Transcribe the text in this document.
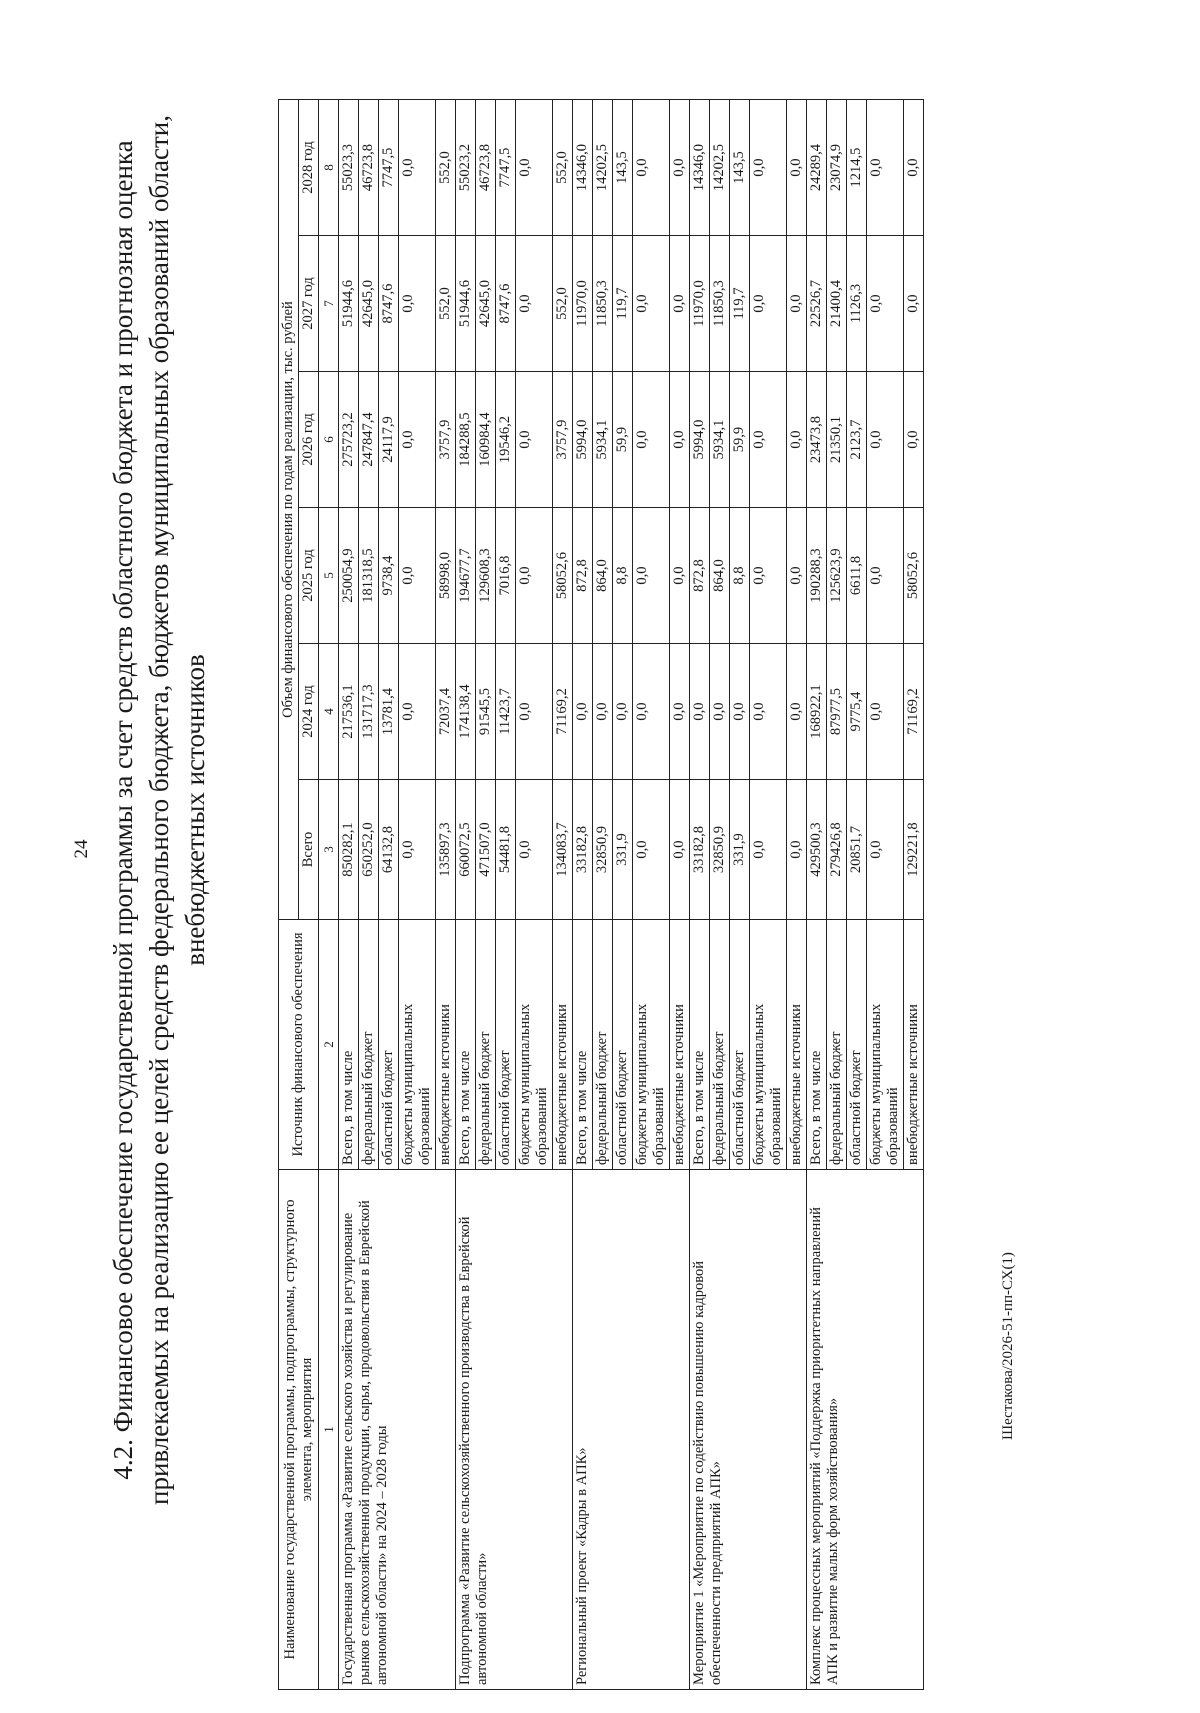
24 4.2. Финансовое обеспечение государственной программы за счет средств областного бюджета и прогнозная оценка привлекаемых на реализацию ее целей средств федерального бюджета, бюджетов муниципальных образований области, внебюджетных источников
Наименование государственной программы, подпрограммы, структурного элемента, мероприятия	Источник финансового обеспечения	Объем финансового обеспечения по годам реализации, тыс. рублей					
		Всего	2024 год	2025 год	2026 год	2027 год	2028 год
1	2	3	4	5	6	7	8
Государственная программа «Развитие сельского хозяйства и регулирование рынков сельскохозяйственной продукции, сырья, продовольствия в Еврейской автономной области» на 2024 – 2028 годы	Всего, в том числе	850282,1	217536,1	250054,9	275723,2	51944,6	55023,3
	федеральный бюджет	650252,0	131717,3	181318,5	247847,4	42645,0	46723,8
	областной бюджет	64132,8	13781,4	9738,4	24117,9	8747,6	7747,5
	бюджеты муниципальных образований	0,0	0,0	0,0	0,0	0,0	0,0
	внебюджетные источники	135897,3	72037,4	58998,0	3757,9	552,0	552,0
Подпрограмма «Развитие сельскохозяйственного производства в Еврейской автономной области»	Всего, в том числе	660072,5	174138,4	194677,7	184288,5	51944,6	55023,2
	федеральный бюджет	471507,0	91545,5	129608,3	160984,4	42645,0	46723,8
	областной бюджет	54481,8	11423,7	7016,8	19546,2	8747,6	7747,5
	бюджеты муниципальных образований	0,0	0,0	0,0	0,0	0,0	0,0
	внебюджетные источники	134083,7	71169,2	58052,6	3757,9	552,0	552,0
Региональный проект «Кадры в АПК»	Всего, в том числе	33182,8	0,0	872,8	5994,0	11970,0	14346,0
	федеральный бюджет	32850,9	0,0	864,0	5934,1	11850,3	14202,5
	областной бюджет	331,9	0,0	8,8	59,9	119,7	143,5
	бюджеты муниципальных образований	0,0	0,0	0,0	0,0	0,0	0,0
	внебюджетные источники	0,0	0,0	0,0	0,0	0,0	0,0
Мероприятие 1 «Мероприятие по содействию повышению кадровой обеспеченности предприятий АПК»	Всего, в том числе	33182,8	0,0	872,8	5994,0	11970,0	14346,0
	федеральный бюджет	32850,9	0,0	864,0	5934,1	11850,3	14202,5
	областной бюджет	331,9	0,0	8,8	59,9	119,7	143,5
	бюджеты муниципальных образований	0,0	0,0	0,0	0,0	0,0	0,0
	внебюджетные источники	0,0	0,0	0,0	0,0	0,0	0,0
Комплекс процессных мероприятий «Поддержка приоритетных направлений АПК и развитие малых форм хозяйствования»	Всего, в том числе	429500,3	168922,1	190288,3	23473,8	22526,7	24289,4
	федеральный бюджет	279426,8	87977,5	125623,9	21350,1	21400,4	23074,9
	областной бюджет	20851,7	9775,4	6611,8	2123,7	1126,3	1214,5
	бюджеты муниципальных образований	0,0	0,0	0,0	0,0	0,0	0,0
	внебюджетные источники	129221,8	71169,2	58052,6	0,0	0,0	0,0
Шестакова/2026-51-пп-СХ(1)
